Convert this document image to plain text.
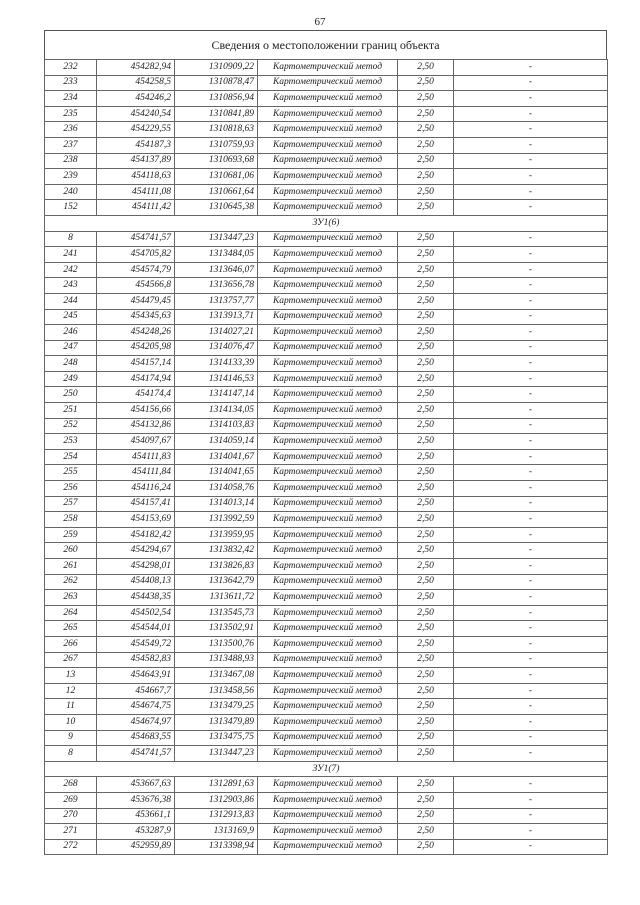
67
Сведения о местоположении границ объекта
232	454282,94	1310909,22	Картометрический метод	2,50	-
233	454258,5	1310878,47	Картометрический метод	2,50	-
234	454246,2	1310856,94	Картометрический метод	2,50	-
235	454240,54	1310841,89	Картометрический метод	2,50	-
236	454229,55	1310818,63	Картометрический метод	2,50	-
237	454187,3	1310759,93	Картометрический метод	2,50	-
238	454137,89	1310693,68	Картометрический метод	2,50	-
239	454118,63	1310681,06	Картометрический метод	2,50	-
240	454111,08	1310661,64	Картометрический метод	2,50	-
152	454111,42	1310645,38	Картометрический метод	2,50	-
ЗУ1(6)					
8	454741,57	1313447,23	Картометрический метод	2,50	-
241	454705,82	1313484,05	Картометрический метод	2,50	-
242	454574,79	1313646,07	Картометрический метод	2,50	-
243	454566,8	1313656,78	Картометрический метод	2,50	-
244	454479,45	1313757,77	Картометрический метод	2,50	-
245	454345,63	1313913,71	Картометрический метод	2,50	-
246	454248,26	1314027,21	Картометрический метод	2,50	-
247	454205,98	1314076,47	Картометрический метод	2,50	-
248	454157,14	1314133,39	Картометрический метод	2,50	-
249	454174,94	1314146,53	Картометрический метод	2,50	-
250	454174,4	1314147,14	Картометрический метод	2,50	-
251	454156,66	1314134,05	Картометрический метод	2,50	-
252	454132,86	1314103,83	Картометрический метод	2,50	-
253	454097,67	1314059,14	Картометрический метод	2,50	-
254	454111,83	1314041,67	Картометрический метод	2,50	-
255	454111,84	1314041,65	Картометрический метод	2,50	-
256	454116,24	1314058,76	Картометрический метод	2,50	-
257	454157,41	1314013,14	Картометрический метод	2,50	-
258	454153,69	1313992,59	Картометрический метод	2,50	-
259	454182,42	1313959,95	Картометрический метод	2,50	-
260	454294,67	1313832,42	Картометрический метод	2,50	-
261	454298,01	1313826,83	Картометрический метод	2,50	-
262	454408,13	1313642,79	Картометрический метод	2,50	-
263	454438,35	1313611,72	Картометрический метод	2,50	-
264	454502,54	1313545,73	Картометрический метод	2,50	-
265	454544,01	1313502,91	Картометрический метод	2,50	-
266	454549,72	1313500,76	Картометрический метод	2,50	-
267	454582,83	1313488,93	Картометрический метод	2,50	-
13	454643,91	1313467,08	Картометрический метод	2,50	-
12	454667,7	1313458,56	Картометрический метод	2,50	-
11	454674,75	1313479,25	Картометрический метод	2,50	-
10	454674,97	1313479,89	Картометрический метод	2,50	-
9	454683,55	1313475,75	Картометрический метод	2,50	-
8	454741,57	1313447,23	Картометрический метод	2,50	-
ЗУ1(7)					
268	453667,63	1312891,63	Картометрический метод	2,50	-
269	453676,38	1312903,86	Картометрический метод	2,50	-
270	453661,1	1312913,83	Картометрический метод	2,50	-
271	453287,9	1313169,9	Картометрический метод	2,50	-
272	452959,89	1313398,94	Картометрический метод	2,50	-
